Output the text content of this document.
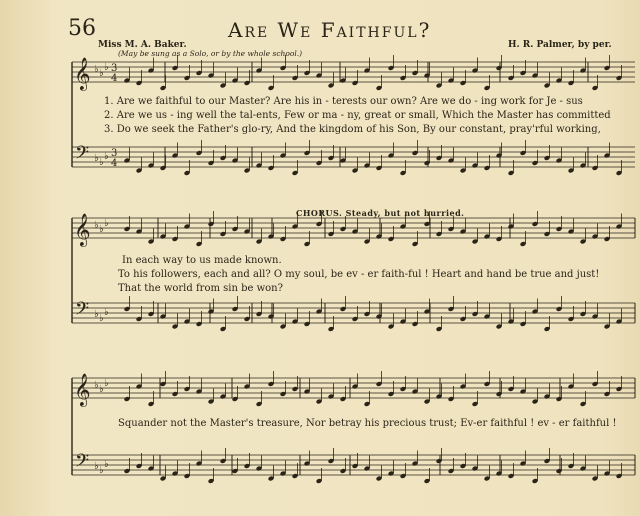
𝄞
𝄢
♭ ♭
♭
♭ ♭
♭
3
4
3
4
𝄞
𝄢
♭ ♭
♭
♭ ♭
♭
𝄞
𝄢
♭ ♭
♭
♭ ♭
♭
56	Are We Faithful?
Miss M. A. Baker.	H. R. Palmer, by per.
(May be sung as a Solo, or by the whole school.)
1. Are we faithful to our Master? Are his in - terests our own? Are we do - ing work for Je - sus
2. Are we us - ing well the tal-ents, Few or ma - ny, great or small, Which the Master has committed
3. Do we seek the Father's glo-ry, And the kingdom of his Son, By our constant, pray'rful working,
CHORUS. Steady, but not hurried.
In each way to us made known.
To his followers, each and all? O my soul, be ev - er faith-ful ! Heart and hand be true and just!
That the world from sin be won?
Squander not the Master's treasure, Nor betray his precious trust; Ev-er faithful ! ev - er faithful !
